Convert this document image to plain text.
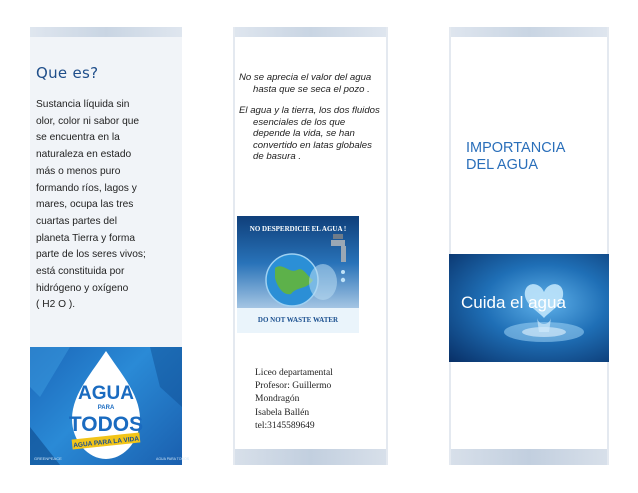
Que es?
Sustancia líquida sin
olor, color ni sabor que
se encuentra en la
naturaleza en estado
más o menos puro
formando ríos, lagos y
mares, ocupa las tres
cuartas partes del
planeta Tierra y forma
parte de los seres vivos;
está constituida por
hidrógeno y oxígeno
( H2 O ).
AGUA
PARA
TODOS
AGUA PARA LA VIDA
GREENPEACE	AGUA PARA TODOS
No se aprecia el valor del agua
hasta que se seca el pozo .
El agua y la tierra, los dos fluidos
esenciales de los que
depende la vida, se han
convertido en latas globales
de basura .
NO DESPERDICIE EL AGUA !
DO NOT WASTE WATER
Liceo departamental
Profesor: Guillermo
Mondragón
Isabela Ballén
tel:3145589649
IMPORTANCIA
DEL AGUA
Cuida el agua
